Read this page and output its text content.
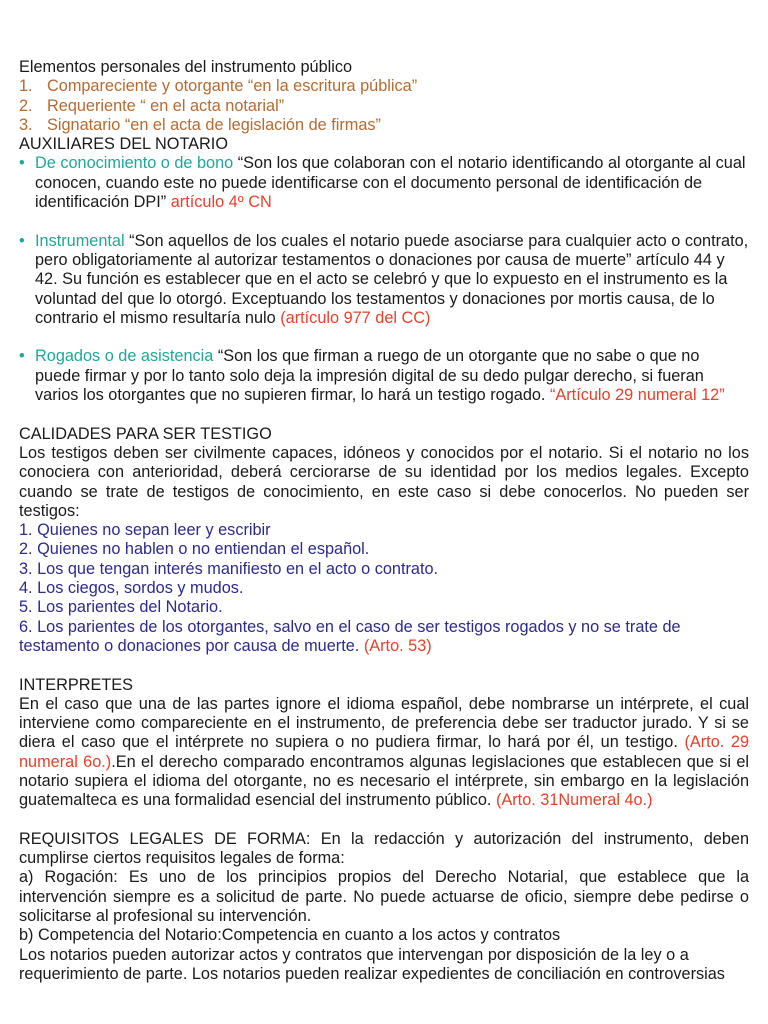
Elementos personales del instrumento público

1. Compareciente y otorgante “en la escritura pública”
2. Requeriente “ en el acta notarial”
3. Signatario “en el acta de legislación de firmas”

AUXILIARES DEL NOTARIO

• De conocimiento o de bono “Son los que colaboran con el notario identificando al otorgante al cual conocen, cuando este no puede identificarse con el documento personal de identificación de identificación DPI” artículo 4º CN

• Instrumental “Son aquellos de los cuales el notario puede asociarse para cualquier acto o contrato, pero obligatoriamente al autorizar testamentos o donaciones por causa de muerte” artículo 44 y 42. Su función es establecer que en el acto se celebró y que lo expuesto en el instrumento es la voluntad del que lo otorgó. Exceptuando los testamentos y donaciones por mortis causa, de lo contrario el mismo resultaría nulo (artículo 977 del CC)

• Rogados o de asistencia “Son los que firman a ruego de un otorgante que no sabe o que no puede firmar y por lo tanto solo deja la impresión digital de su dedo pulgar derecho, si fueran varios los otorgantes que no supieren firmar, lo hará un testigo rogado. “Artículo 29 numeral 12”

CALIDADES PARA SER TESTIGO

Los testigos deben ser civilmente capaces, idóneos y conocidos por el notario. Si el notario no los conociera con anterioridad, deberá cerciorarse de su identidad por los medios legales. Excepto cuando se trate de testigos de conocimiento, en este caso si debe conocerlos. No pueden ser testigos:

1. Quienes no sepan leer y escribir

2. Quienes no hablen o no entiendan el español.

3. Los que tengan interés manifiesto en el acto o contrato.

4. Los ciegos, sordos y mudos.

5. Los parientes del Notario.

6. Los parientes de los otorgantes, salvo en el caso de ser testigos rogados y no se trate de testamento o donaciones por causa de muerte. (Arto. 53)

INTERPRETES

En el caso que una de las partes ignore el idioma español, debe nombrarse un intérprete, el cual interviene como compareciente en el instrumento, de preferencia debe ser traductor jurado. Y si se diera el caso que el intérprete no supiera o no pudiera firmar, lo hará por él, un testigo. (Arto. 29 numeral 6o.).En el derecho comparado encontramos algunas legislaciones que establecen que si el notario supiera el idioma del otorgante, no es necesario el intérprete, sin embargo en la legislación guatemalteca es una formalidad esencial del instrumento público. (Arto. 31Numeral 4o.)

REQUISITOS LEGALES DE FORMA: En la redacción y autorización del instrumento, deben cumplirse ciertos requisitos legales de forma:

a) Rogación: Es uno de los principios propios del Derecho Notarial, que establece que la intervención siempre es a solicitud de parte. No puede actuarse de oficio, siempre debe pedirse o solicitarse al profesional su intervención.

b) Competencia del Notario:Competencia en cuanto a los actos y contratos

Los notarios pueden autorizar actos y contratos que intervengan por disposición de la ley o a requerimiento de parte. Los notarios pueden realizar expedientes de conciliación en controversias
